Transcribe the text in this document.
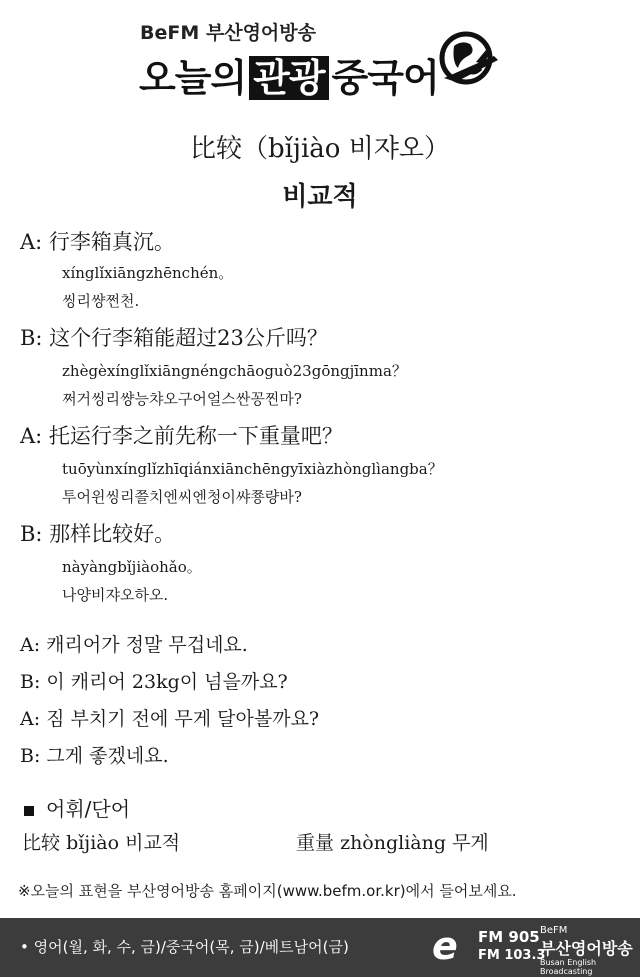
BeFM 부산영어방송
오늘의 관광 중국어
比较（bǐjiào 비쟈오）
비교적
A: 行李箱真沉。
xínglǐxiāngzhēnchén。
씽리썅쩐천.
B: 这个行李箱能超过23公斤吗？
zhègèxínglǐxiāngnéngchāoguò23gōngjīnma？
쩌거씽리썅능챠오구어얼스싼꽁찐마?
A: 托运行李之前先称一下重量吧？
tuōyùnxínglǐzhīqiánxiānchēngyīxiàzhònglìangba？
투어윈씽리쯜치엔씨엔청이쌰쭁량바?
B: 那样比较好。
nàyàngbǐjiàohǎo。
나양비쟈오하오.
A: 캐리어가 정말 무겁네요.
B: 이 캐리어 23kg이 넘을까요?
A: 짐 부치기 전에 무게 달아볼까요?
B: 그게 좋겠네요.
어휘/단어
比较 bǐjiào 비교적	重量 zhòngliàng 무게
※오늘의 표현을 부산영어방송 홈페이지(www.befm.or.kr)에서 들어보세요.
• 영어(월, 화, 수, 금)/중국어(목, 금)/베트남어(금) e FM 905
FM 103.3
BeFM
부산영어방송
Busan English Broadcasting
